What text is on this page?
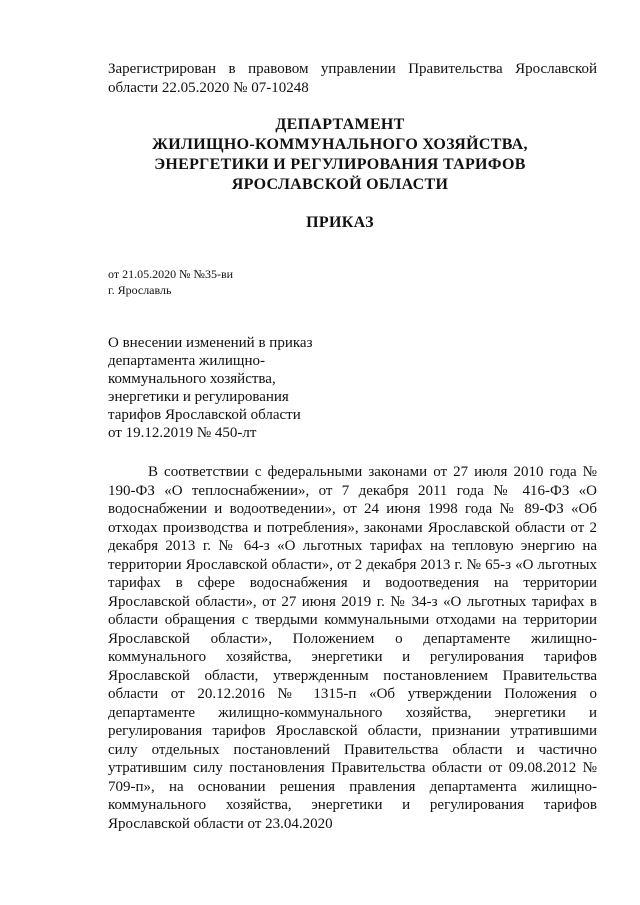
Зарегистрирован в правовом управлении Правительства Ярославской области 22.05.2020 № 07-10248
ДЕПАРТАМЕНТ
ЖИЛИЩНО-КОММУНАЛЬНОГО ХОЗЯЙСТВА,
ЭНЕРГЕТИКИ И РЕГУЛИРОВАНИЯ ТАРИФОВ
ЯРОСЛАВСКОЙ ОБЛАСТИ
ПРИКАЗ
от 21.05.2020 № №35-ви
г. Ярославль
О внесении изменений в приказ
департамента жилищно-
коммунального хозяйства,
энергетики и регулирования
тарифов Ярославской области
от 19.12.2019 № 450-лт
В соответствии с федеральными законами от 27 июля 2010 года № 190-ФЗ «О теплоснабжении», от 7 декабря 2011 года № 416-ФЗ «О водоснабжении и водоотведении», от 24 июня 1998 года № 89-ФЗ «Об отходах производства и потребления», законами Ярославской области от 2 декабря 2013 г. № 64-з «О льготных тарифах на тепловую энергию на территории Ярославской области», от 2 декабря 2013 г. № 65-з «О льготных тарифах в сфере водоснабжения и водоотведения на территории Ярославской области», от 27 июня 2019 г. № 34-з «О льготных тарифах в области обращения с твердыми коммунальными отходами на территории Ярославской области», Положением о департаменте жилищно-коммунального хозяйства, энергетики и регулирования тарифов Ярославской области, утвержденным постановлением Правительства области от 20.12.2016 № 1315-п «Об утверждении Положения о департаменте жилищно-коммунального хозяйства, энергетики и регулирования тарифов Ярославской области, признании утратившими силу отдельных постановлений Правительства области и частично утратившим силу постановления Правительства области от 09.08.2012 № 709-п», на основании решения правления департамента жилищно-коммунального хозяйства, энергетики и регулирования тарифов Ярославской области от 23.04.2020
